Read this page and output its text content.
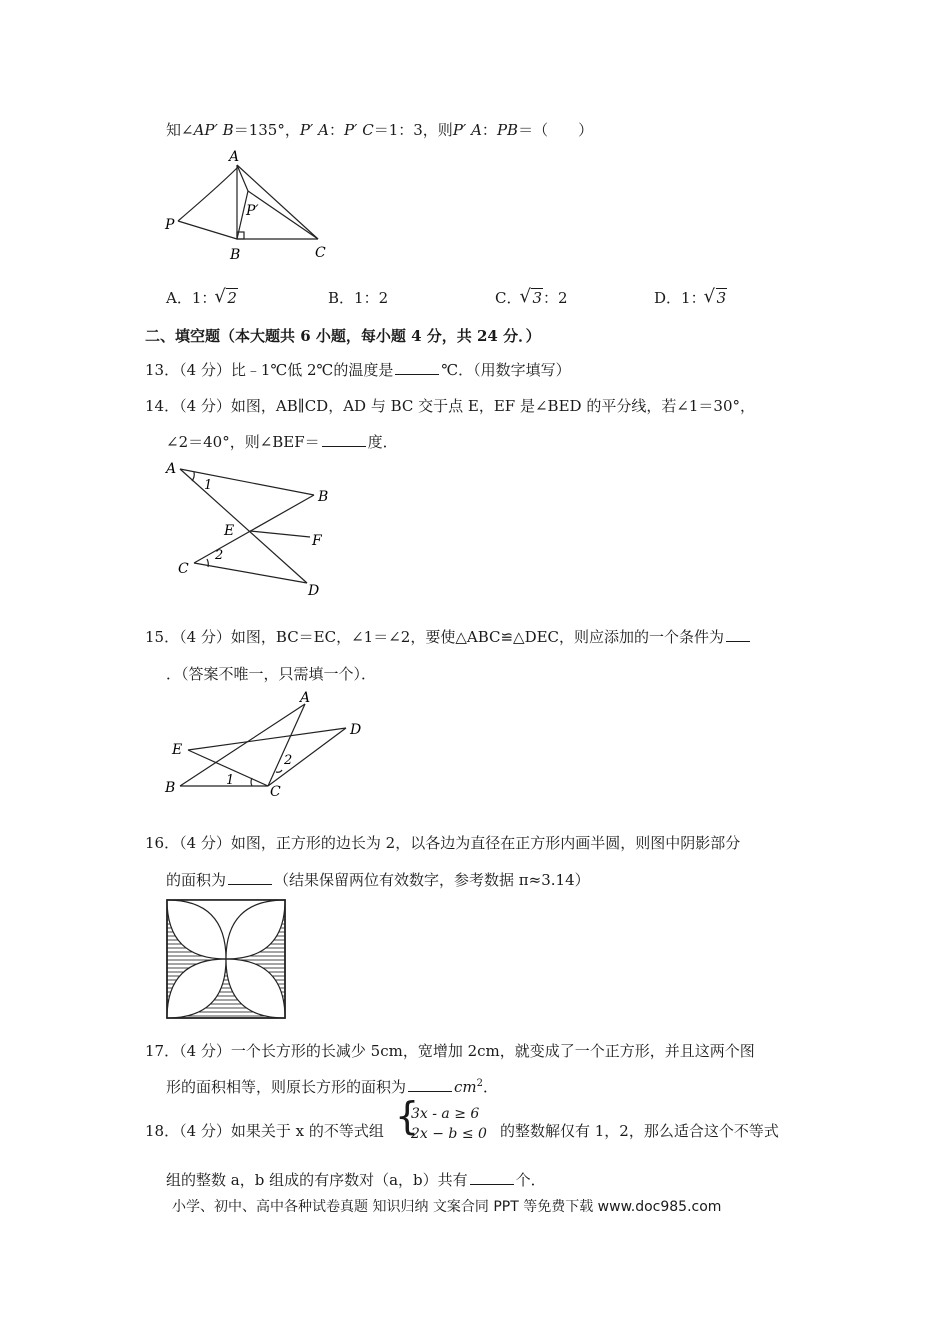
知∠AP′ B＝135°，P′ A：P′ C＝1：3，则P′ A：PB＝（　　）
A
P′
P
B	C
A．1： √ 2	B．1：2	C． √ 3：2	D．1： √ 3
二、填空题（本大题共 6 小题，每小题 4 分，共 24 分．）
13．（4 分）比﹣1℃低 2℃的温度是	℃．（用数字填写）
14．（4 分）如图，AB∥CD，AD 与 BC 交于点 E，EF 是∠BED 的平分线，若∠1＝30°，
∠2＝40°，则∠BEF＝	度．
A
B
E
F
C
D
1
2
15．（4 分）如图，BC＝EC，∠1＝∠2，要使△ABC≌△DEC，则应添加的一个条件为
．（答案不唯一，只需填一个）．
A
D
E
B	C
1
2
16．（4 分）如图，正方形的边长为 2，以各边为直径在正方形内画半圆，则图中阴影部分
的面积为	（结果保留两位有效数字，参考数据 π≈3.14）
17．（4 分）一个长方形的长减少 5cm，宽增加 2cm，就变成了一个正方形，并且这两个图
形的面积相等，则原长方形的面积为	$cm^2$．
18．（4 分）如果关于 x 的不等式组 {
3x - a ≥ 6
2x − b ≤ 0 的整数解仅有 1，2，那么适合这个不等式
组的整数 a，b 组成的有序数对（a，b）共有	个．
小学、初中、高中各种试卷真题 知识归纳 文案合同 PPT 等免费下载 www.doc985.com
